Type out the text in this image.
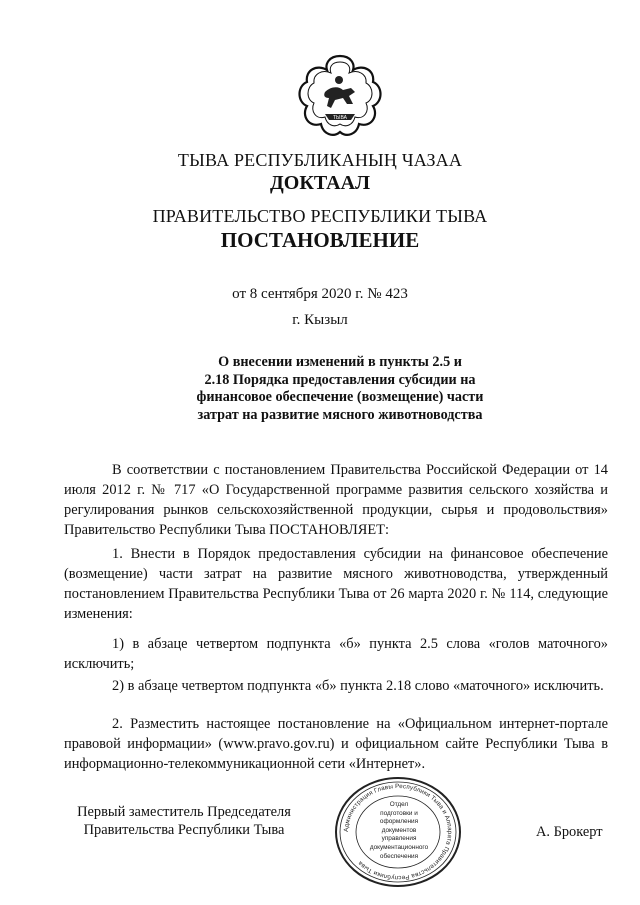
ТЫВА
ТЫВА РЕСПУБЛИКАНЫҢ ЧАЗАА
ДОКТААЛ
ПРАВИТЕЛЬСТВО РЕСПУБЛИКИ ТЫВА
ПОСТАНОВЛЕНИЕ
от 8 сентября 2020 г. № 423
г. Кызыл
О внесении изменений в пункты 2.5 и
2.18 Порядка предоставления субсидии на
финансовое обеспечение (возмещение) части
затрат на развитие мясного животноводства

В соответствии с постановлением Правительства Российской Федерации от 14 июля 2012 г. № 717 «О Государственной программе развития сельского хозяйства и регулирования рынков сельскохозяйственной продукции, сырья и продовольствия» Правительство Республики Тыва ПОСТАНОВЛЯЕТ:

1. Внести в Порядок предоставления субсидии на финансовое обеспечение (возмещение) части затрат на развитие мясного животноводства, утвержденный постановлением Правительства Республики Тыва от 26 марта 2020 г. № 114, следующие изменения:

1) в абзаце четвертом подпункта «б» пункта 2.5 слова «голов маточного» исключить;

2) в абзаце четвертом подпункта «б» пункта 2.18 слово «маточного» исключить.

2. Разместить настоящее постановление на «Официальном интернет-портале правовой информации» (www.pravo.gov.ru) и официальном сайте Республики Тыва в информационно-телекоммуникационной сети «Интернет».

Первый заместитель Председателя
Правительства Республики Тыва	А. Брокерт
Администрация Главы Республики Тыва и Аппарата Правительства Республики Тыва
Отдел
подготовки и
оформления документов
управления
документационного
обеспечения
